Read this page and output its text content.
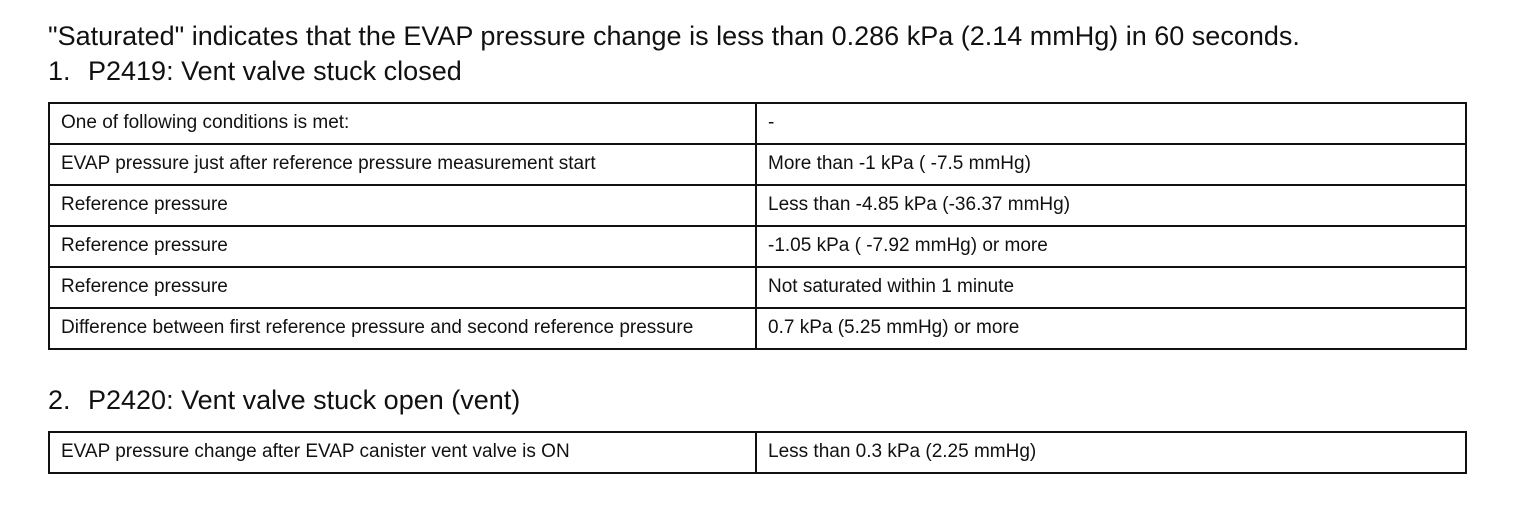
"Saturated" indicates that the EVAP pressure change is less than 0.286 kPa (2.14 mmHg) in 60 seconds.

1. P2419: Vent valve stuck closed
One of following conditions is met:	-
EVAP pressure just after reference pressure measurement start	More than -1 kPa ( -7.5 mmHg)
Reference pressure	Less than -4.85 kPa (-36.37 mmHg)
Reference pressure	-1.05 kPa ( -7.92 mmHg) or more
Reference pressure	Not saturated within 1 minute
Difference between first reference pressure and second reference pressure	0.7 kPa (5.25 mmHg) or more
2. P2420: Vent valve stuck open (vent)
EVAP pressure change after EVAP canister vent valve is ON	Less than 0.3 kPa (2.25 mmHg)
